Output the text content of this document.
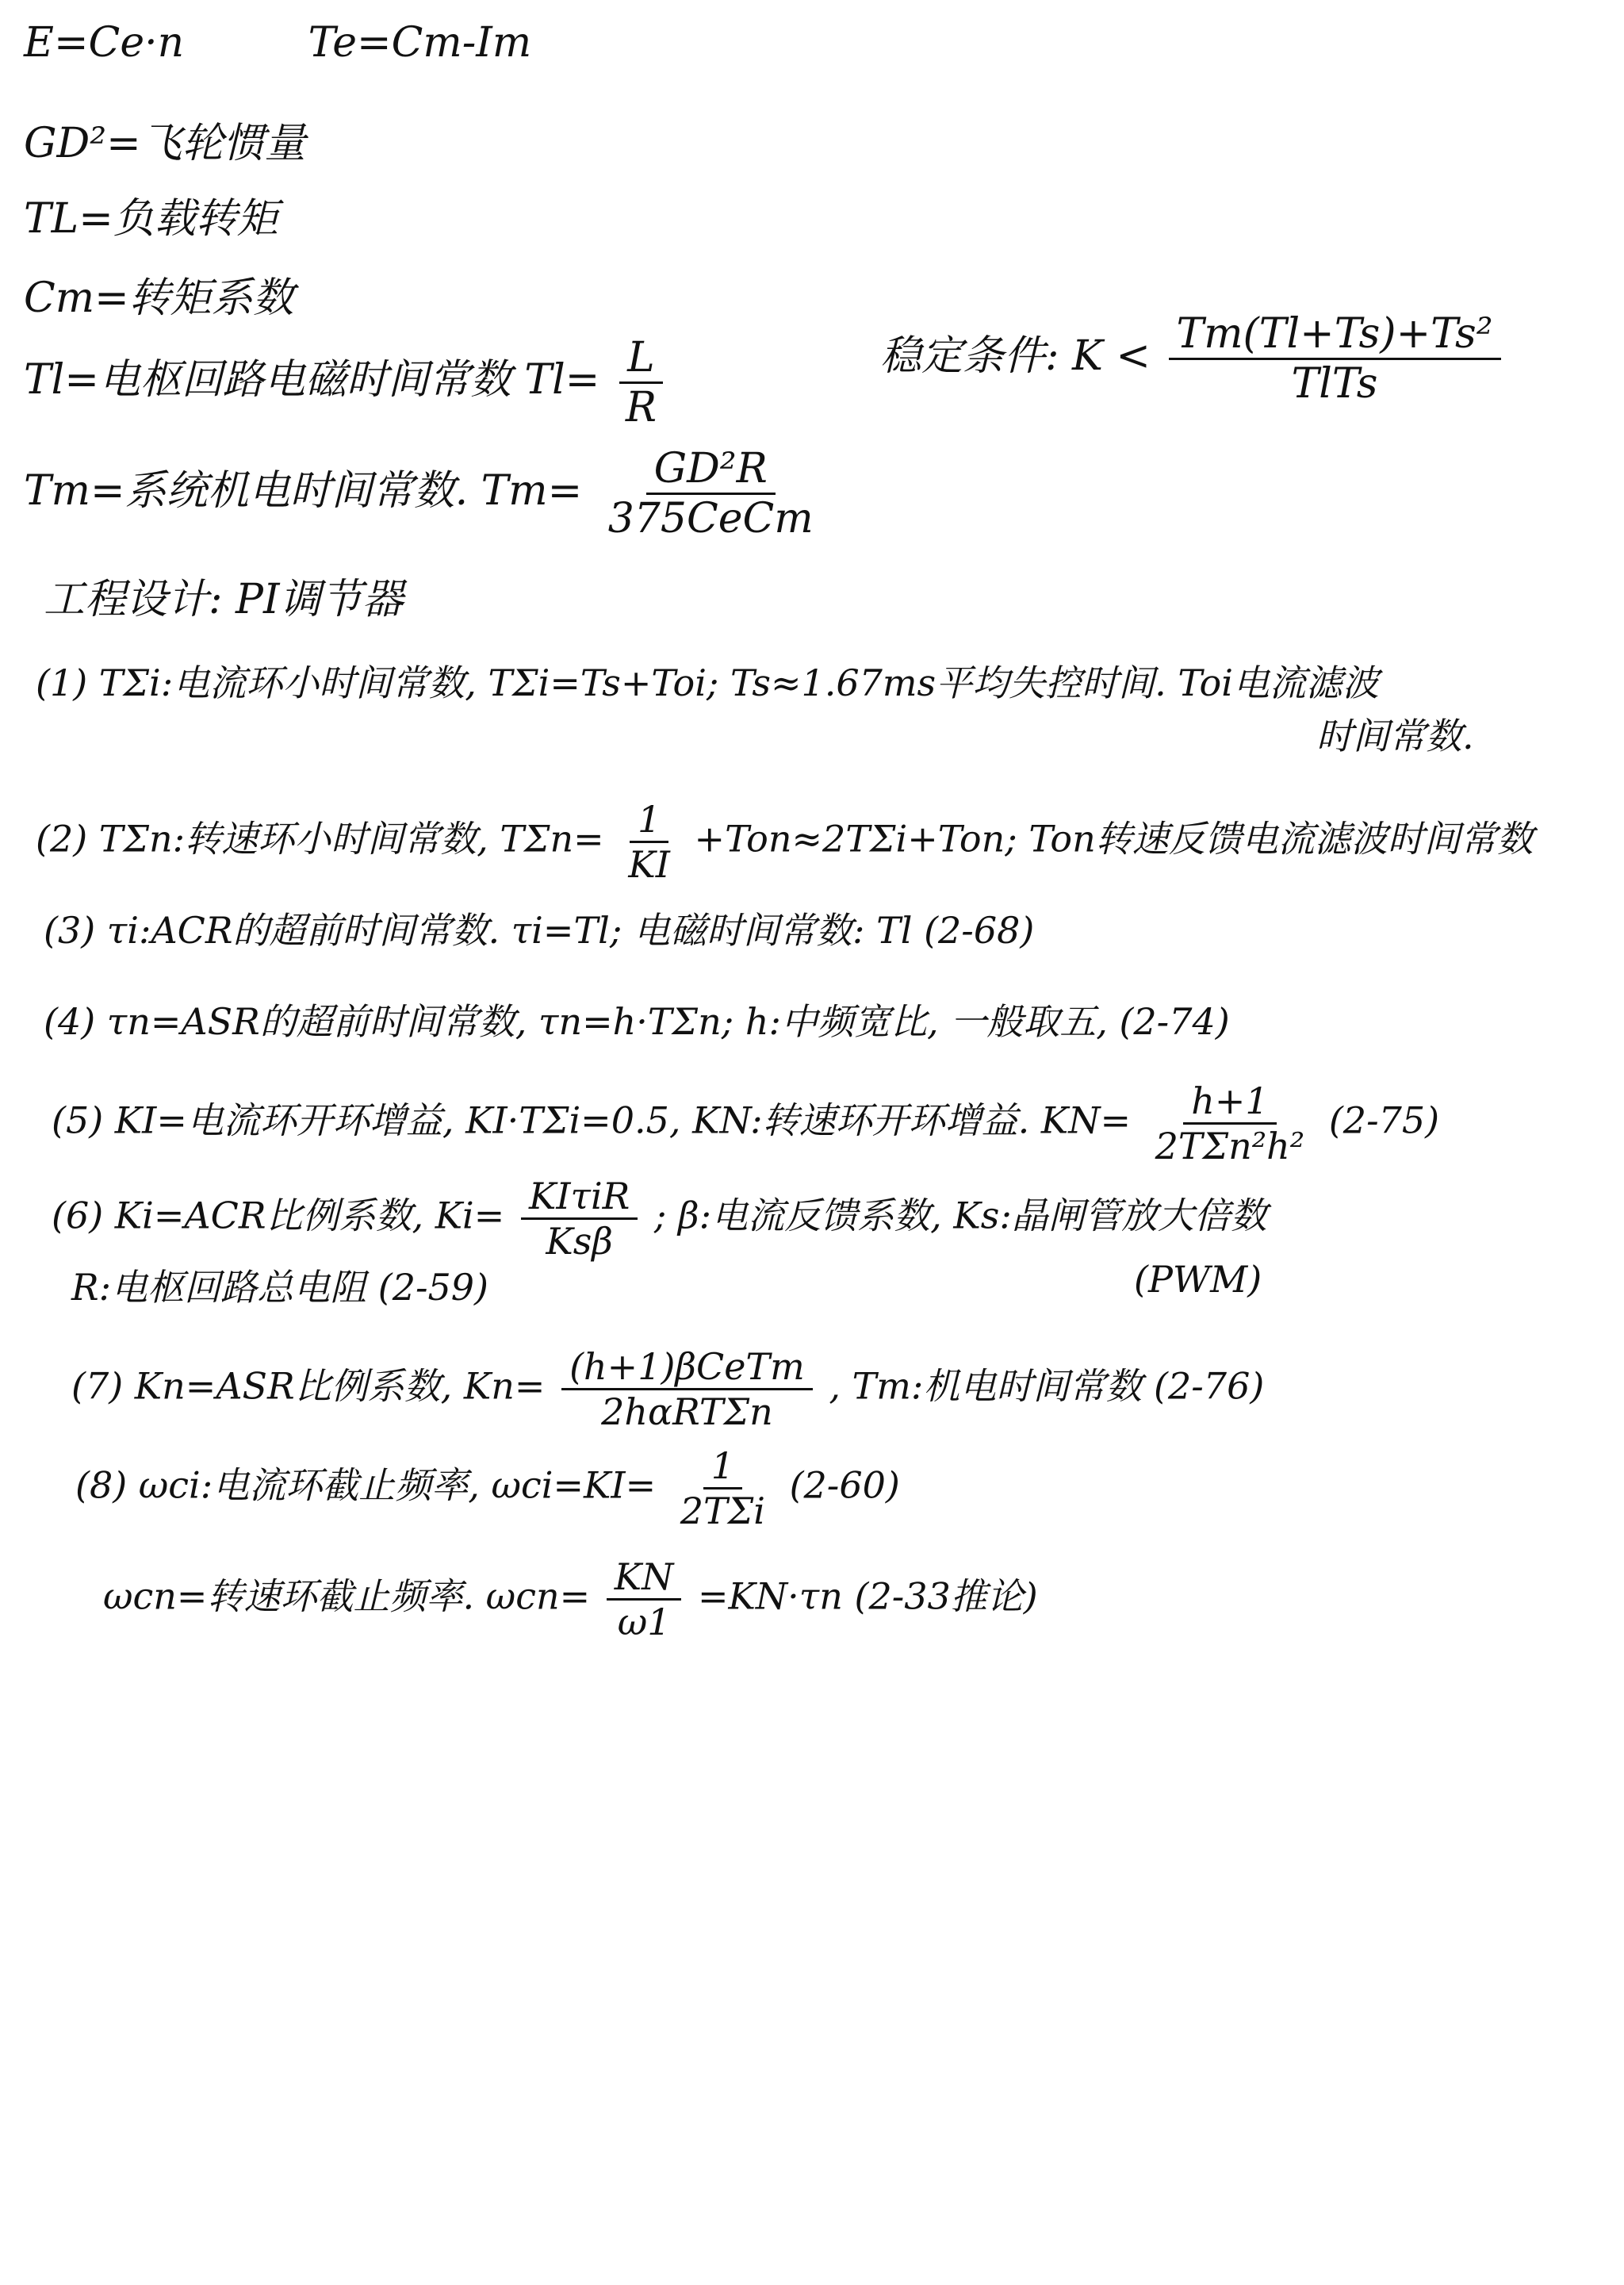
E=Ce·n	Te=Cm-Im
GD²=飞轮惯量
TL=负载转矩
Cm=转矩系数
Tl=电枢回路电磁时间常数 $Tl= \frac{L}{R}$	稳定条件: $K < \frac{\text{Tm(Tl+Ts)+Ts²}}{\text{TlTs}}$
Tm=系统机电时间常数. $Tm= \frac{\text{GD²R}}{\text{375CeCm}}$
工程设计: PI调节器
(1) TΣi:电流环小时间常数, TΣi=Ts+Toi; Ts≈1.67ms平均失控时间. Toi电流滤波
时间常数.
(2) TΣn:转速环小时间常数, $T\Sigma n= \frac{1}{KI} +Ton\approx 2T\Sigma i+Ton$; Ton转速反馈电流滤波时间常数
(3) τi:ACR的超前时间常数. τi=Tl; 电磁时间常数: Tl (2-68)
(4) τn=ASR的超前时间常数, τn=h·TΣn; h:中频宽比, 一般取五, (2-74)
(5) KI=电流环开环增益, KI·TΣi=0.5, KN:转速环开环增益. $KN= \frac{h+1}{\text{2TΣn²h²}} (2-75)$
(6) Ki=ACR比例系数, $Ki= \frac{\text{KIτiR}}{\text{Ksβ}}$ ; β:电流反馈系数, Ks:晶闸管放大倍数
(PWM)
R:电枢回路总电阻 (2-59)
(7) Kn=ASR比例系数, $Kn= \frac{\text{(h+1)βCeTm}}{\text{2hαRTΣn}}$ , Tm:机电时间常数 (2-76)
(8) ωci:电流环截止频率, $\omega ci=KI= \frac{1}{\text{2TΣi}} (2-60)$
ωcn=转速环截止频率. $\omega cn= \frac{KN}{\omega 1} =KN\cdot\tau n$ (2-33推论)
